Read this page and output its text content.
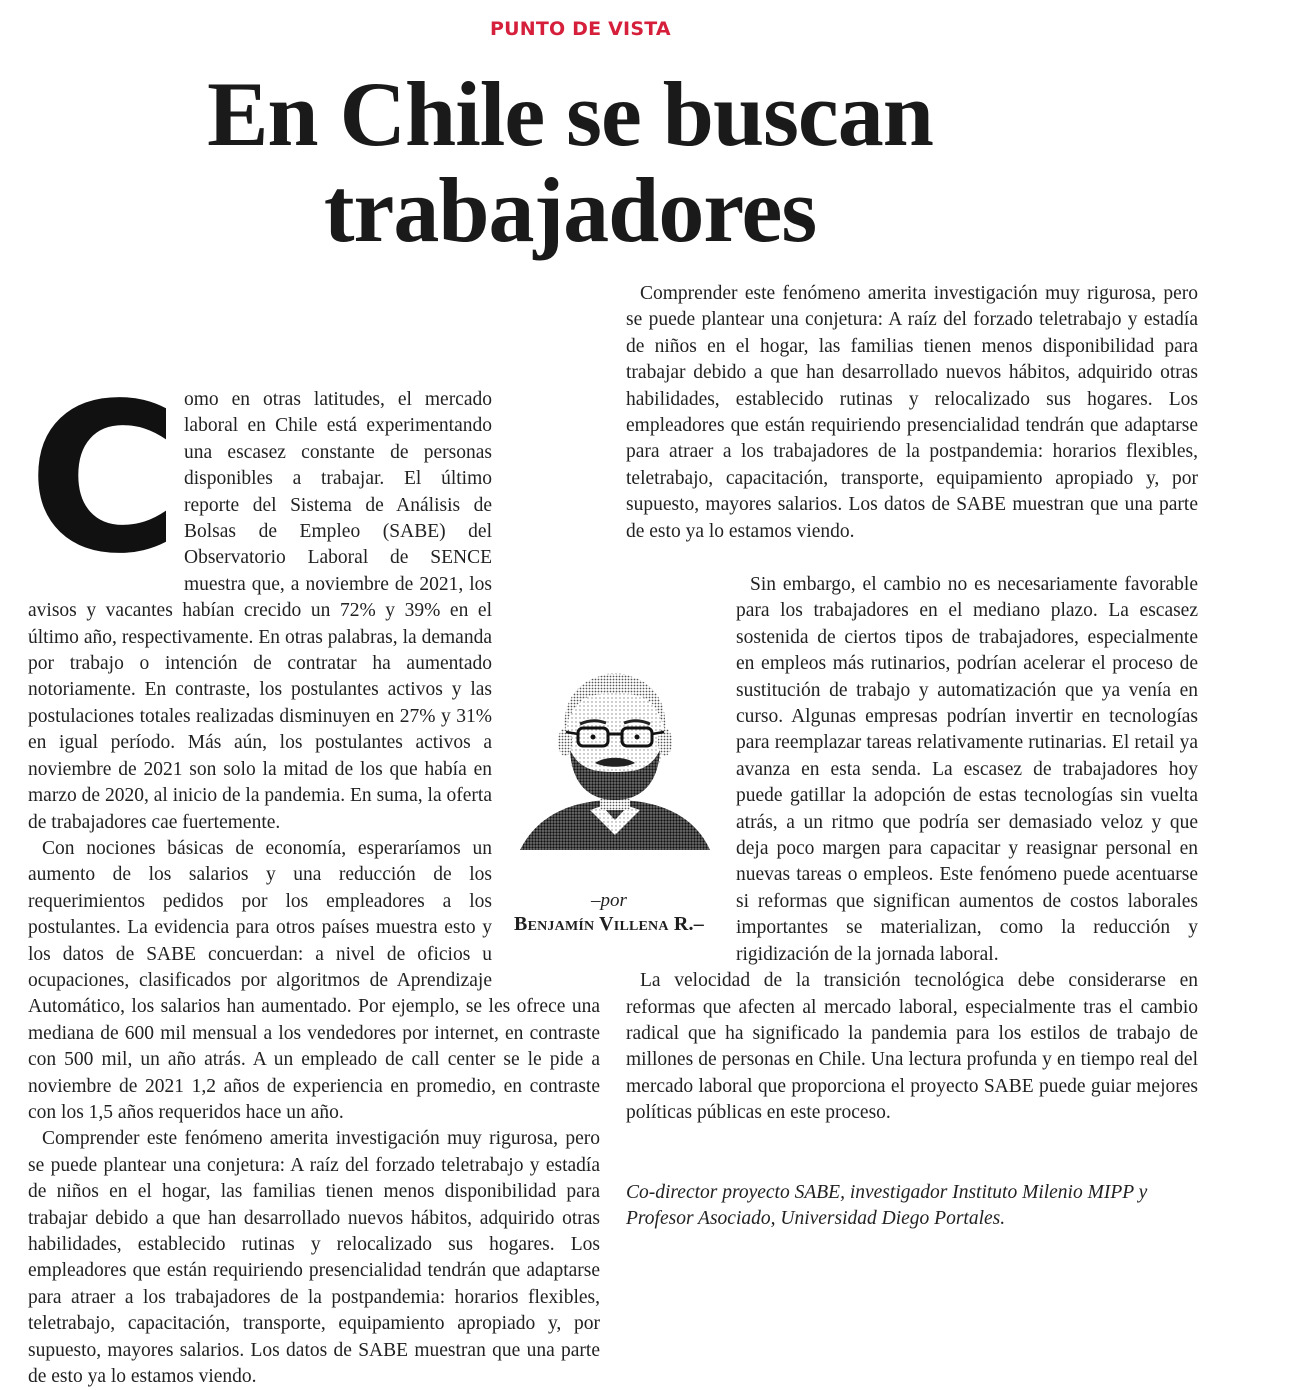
PUNTO DE VISTA
En Chile se buscan
trabajadores
C omo en otras latitudes, el mercado laboral en Chile está experimentando una escasez constante de personas disponibles a trabajar. El último reporte del Sistema de Análisis de Bolsas de Empleo (SABE) del Observatorio Laboral de SENCE muestra que, a noviembre de 2021, los avisos y vacantes habían crecido un 72% y 39% en el último año, respectivamente. En otras palabras, la demanda por trabajo o intención de contratar ha aumentado notoriamente. En contraste, los postulantes activos y las postulaciones totales realizadas disminuyen en 27% y 31% en igual período. Más aún, los postulantes activos a noviembre de 2021 son solo la mitad de los que había en marzo de 2020, al inicio de la pandemia. En suma, la oferta de trabajadores cae fuertemente.

Con nociones básicas de economía, esperaríamos un aumento de los salarios y una reducción de los requerimientos pedidos por los empleadores a los postulantes. La evidencia para otros países muestra esto y los datos de SABE concuerdan: a nivel de oficios u ocupaciones, clasificados por algoritmos de Aprendizaje Automático, los salarios han aumentado. Por ejemplo, se les ofrece una mediana de 600 mil mensual a los vendedores por internet, en contraste con 500 mil, un año atrás. A un empleado de call center se le pide a noviembre de 2021 1,2 años de experiencia en promedio, en contraste con los 1,5 años requeridos hace un año.

Comprender este fenómeno amerita investigación muy rigurosa, pero se puede plantear una conjetura: A raíz del forzado teletrabajo y estadía de niños en el hogar, las familias tienen menos disponibilidad para trabajar debido a que han desarrollado nuevos hábitos, adquirido otras habilidades, establecido rutinas y relocalizado sus hogares. Los empleadores que están requiriendo presencialidad tendrán que adaptarse para atraer a los trabajadores de la postpandemia: horarios flexibles, teletrabajo, capacitación, transporte, equipamiento apropiado y, por supuesto, mayores salarios. Los datos de SABE muestran que una parte de esto ya lo estamos viendo.

Comprender este fenómeno amerita investigación muy rigurosa, pero se puede plantear una conjetura: A raíz del forzado teletrabajo y estadía de niños en el hogar, las familias tienen menos disponibilidad para trabajar debido a que han desarrollado nuevos hábitos, adquirido otras habilidades, establecido rutinas y relocalizado sus hogares. Los empleadores que están requiriendo presencialidad tendrán que adaptarse para atraer a los trabajadores de la postpandemia: horarios flexibles, teletrabajo, capacitación, transporte, equipamiento apropiado y, por supuesto, mayores salarios. Los datos de SABE muestran que una parte de esto ya lo estamos viendo.

Sin embargo, el cambio no es necesariamente favorable para los trabajadores en el mediano plazo. La escasez sostenida de ciertos tipos de trabajadores, especialmente en empleos más rutinarios, podrían acelerar el proceso de sustitución de trabajo y automatización que ya venía en curso. Algunas empresas podrían invertir en tecnologías para reemplazar tareas relativamente rutinarias. El retail ya avanza en esta senda. La escasez de trabajadores hoy puede gatillar la adopción de estas tecnologías sin vuelta atrás, a un ritmo que podría ser demasiado veloz y que deja poco margen para capacitar y reasignar personal en nuevas tareas o empleos. Este fenómeno puede acentuarse si reformas que significan aumentos de costos laborales importantes se materializan, como la reducción y rigidización de la jornada laboral.

La velocidad de la transición tecnológica debe considerarse en reformas que afecten al mercado laboral, especialmente tras el cambio radical que ha significado la pandemia para los estilos de trabajo de millones de personas en Chile. Una lectura profunda y en tiempo real del mercado laboral que proporciona el proyecto SABE puede guiar mejores políticas públicas en este proceso.

–por
Benjamín Villena R.–
Co-director proyecto SABE, investigador Instituto Milenio MIPP y
Profesor Asociado, Universidad Diego Portales.
